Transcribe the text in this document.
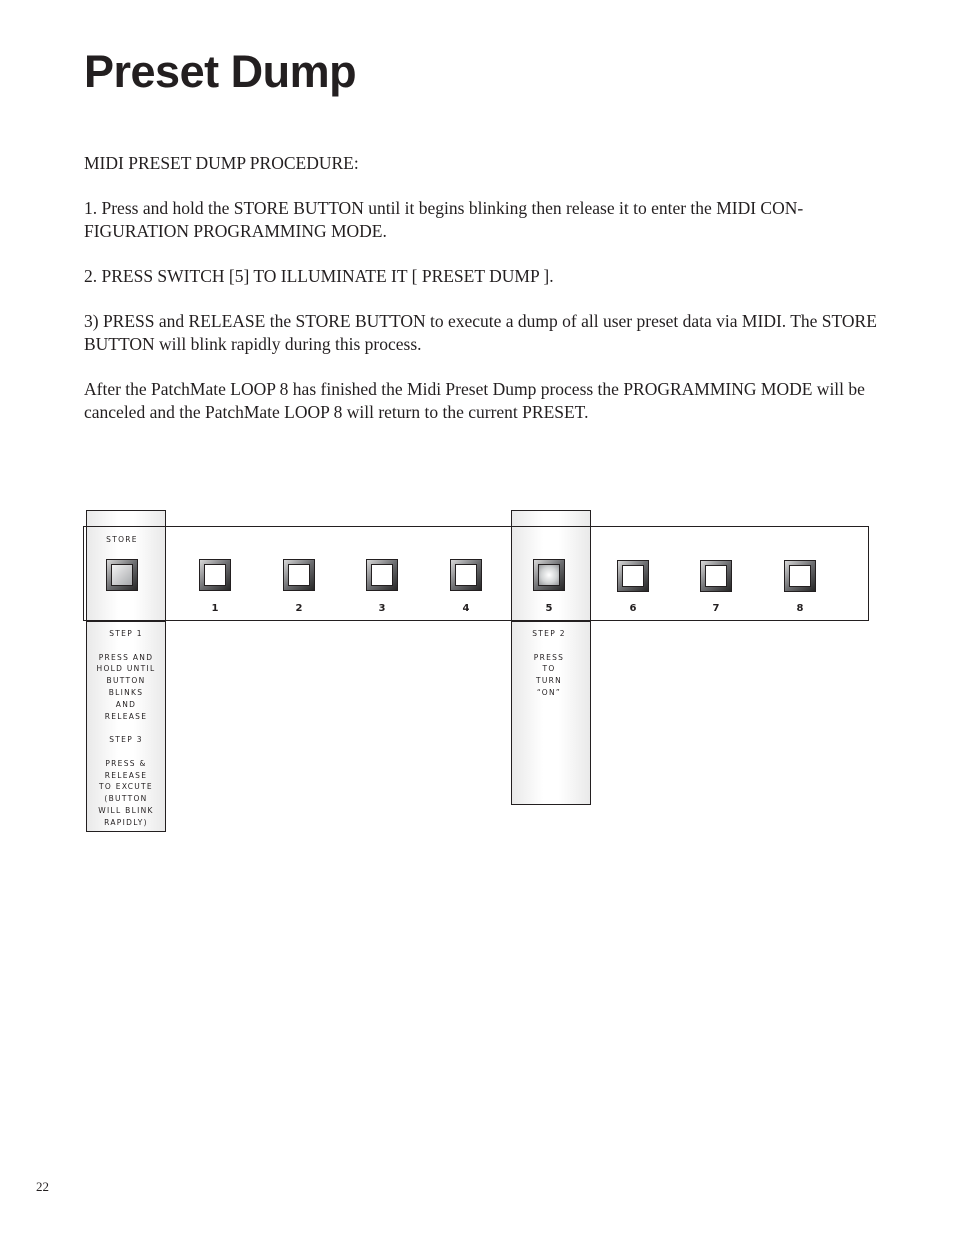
Preset Dump

MIDI PRESET DUMP PROCEDURE:

1. Press and hold the STORE BUTTON until it begins blinking then release it to enter the MIDI CON-FIGURATION PROGRAMMING MODE.

2. PRESS SWITCH [5] TO ILLUMINATE IT [ PRESET DUMP ].

3) PRESS and RELEASE the STORE BUTTON to execute a dump of all user preset data via MIDI. The STORE BUTTON will blink rapidly during this process.

After the PatchMate LOOP 8 has finished the Midi Preset Dump process the PROGRAMMING MODE will be canceled and the PatchMate LOOP 8 will return to the current PRESET.

STORE
1	2	3	4	5	6	7	8
STEP 1

PRESS AND
HOLD UNTIL
BUTTON
BLINKS
AND
RELEASE

STEP 3

PRESS &
RELEASE
TO EXCUTE
(BUTTON
WILL BLINK
RAPIDLY)
STEP 2

PRESS
TO
TURN
“ON”
22
